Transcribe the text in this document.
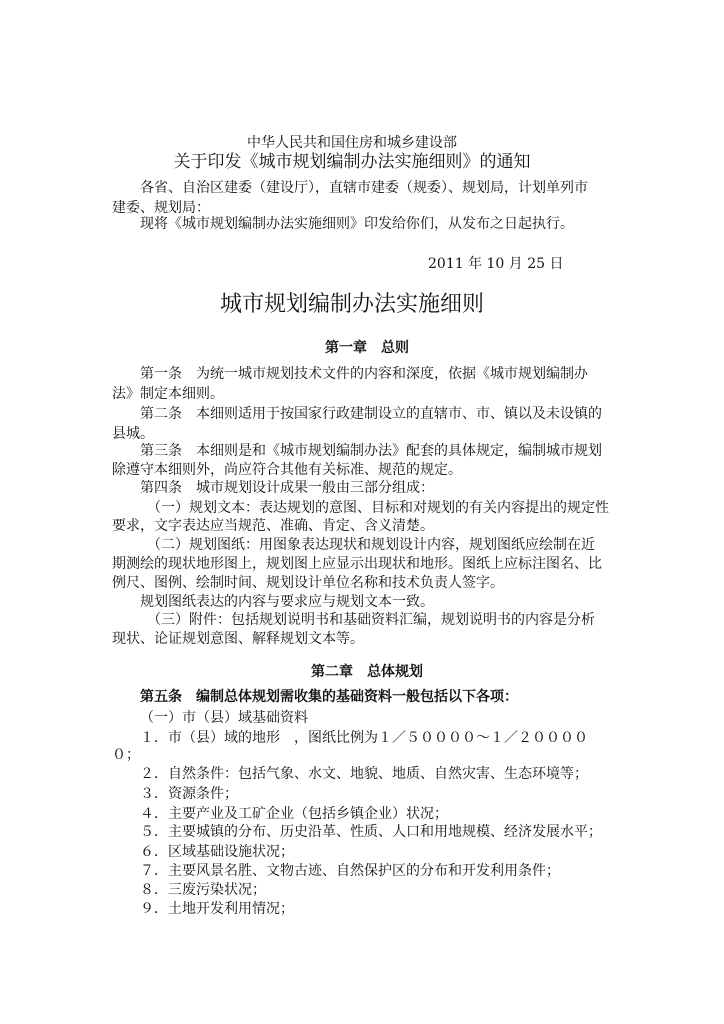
中华人民共和国住房和城乡建设部
关于印发《城市规划编制办法实施细则》的通知
各省、自治区建委（建设厅），直辖市建委（规委）、规划局，计划单列市
建委、规划局：
现将《城市规划编制办法实施细则》印发给你们，从发布之日起执行。
2011 年 10 月 25 日
城市规划编制办法实施细则
第一章　总则
第一条　为统一城市规划技术文件的内容和深度，依据《城市规划编制办
法》制定本细则。
第二条　本细则适用于按国家行政建制设立的直辖市、市、镇以及未设镇的
县城。
第三条　本细则是和《城市规划编制办法》配套的具体规定，编制城市规划
除遵守本细则外，尚应符合其他有关标准、规范的规定。
第四条　城市规划设计成果一般由三部分组成：
（一）规划文本：表达规划的意图、目标和对规划的有关内容提出的规定性
要求，文字表达应当规范、准确、肯定、含义清楚。
（二）规划图纸：用图象表达现状和规划设计内容，规划图纸应绘制在近
期测绘的现状地形图上，规划图上应显示出现状和地形。图纸上应标注图名、比
例尺、图例、绘制时间、规划设计单位名称和技术负责人签字。
规划图纸表达的内容与要求应与规划文本一致。
（三）附件：包括规划说明书和基础资料汇编，规划说明书的内容是分析
现状、论证规划意图、解释规划文本等。
第二章　总体规划
第五条　编制总体规划需收集的基础资料一般包括以下各项：
（一）市（县）域基础资料
１．市（县）域的地形　，图纸比例为１／５００００～１／２００００
０；
２．自然条件：包括气象、水文、地貌、地质、自然灾害、生态环境等；
３．资源条件；
４．主要产业及工矿企业（包括乡镇企业）状况；
５．主要城镇的分布、历史沿革、性质、人口和用地规模、经济发展水平；
６．区域基础设施状况；
７．主要风景名胜、文物古迹、自然保护区的分布和开发利用条件；
８．三废污染状况；
９．土地开发利用情况；
